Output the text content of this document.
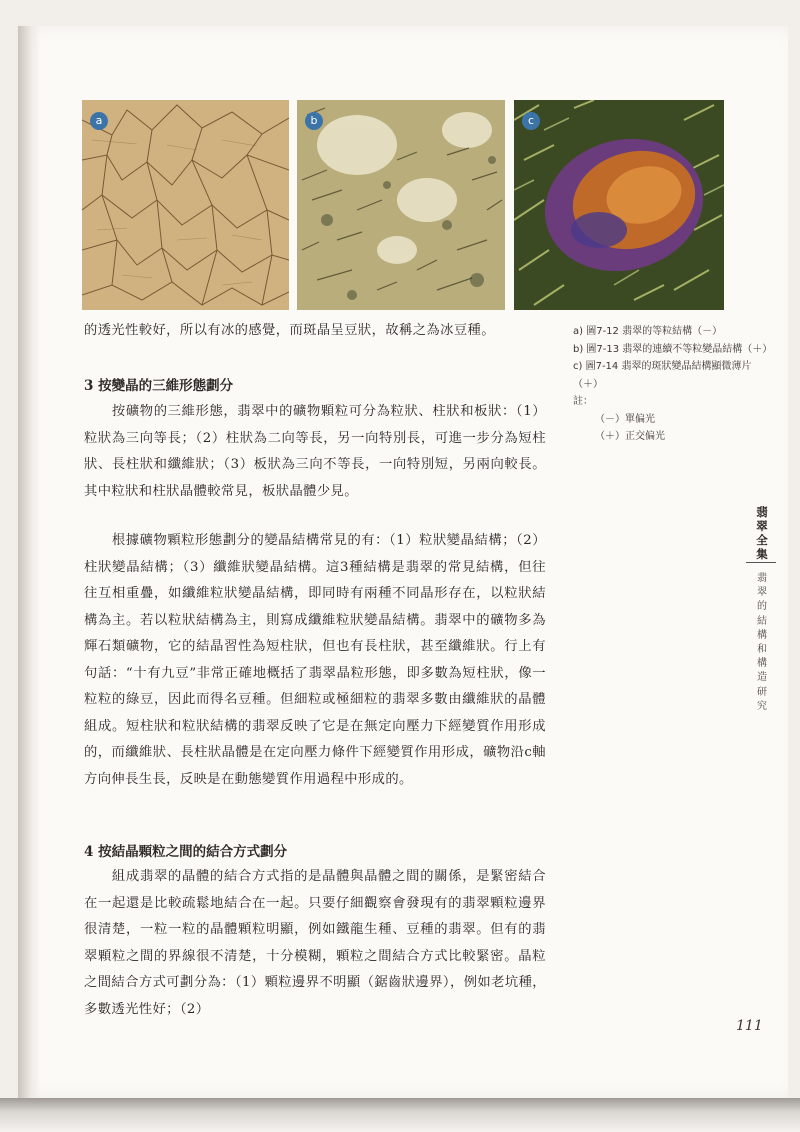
a	b	c
的透光性較好，所以有冰的感覺，而斑晶呈豆狀，故稱之為冰豆種。	a) 圖7-12 翡翠的等粒結構（－）
b) 圖7-13 翡翠的連續不等粒變晶結構（＋）
c) 圖7-14 翡翠的斑狀變晶結構顯微薄片（＋）
註：
（－）單偏光
（＋）正交偏光
3 按變晶的三維形態劃分
按礦物的三維形態，翡翠中的礦物顆粒可分為粒狀、柱狀和板狀：（1）粒狀為三向等長；（2）柱狀為二向等長，另一向特別長，可進一步分為短柱狀、長柱狀和纖維狀；（3）板狀為三向不等長，一向特別短，另兩向較長。其中粒狀和柱狀晶體較常見，板狀晶體少見。
根據礦物顆粒形態劃分的變晶結構常見的有：（1）粒狀變晶結構；（2）柱狀變晶結構；（3）纖維狀變晶結構。這3種結構是翡翠的常見結構，但往往互相重疊，如纖維粒狀變晶結構，即同時有兩種不同晶形存在，以粒狀結構為主。若以粒狀結構為主，則寫成纖維粒狀變晶結構。翡翠中的礦物多為輝石類礦物，它的結晶習性為短柱狀，但也有長柱狀，甚至纖維狀。行上有句話：“十有九豆”非常正確地概括了翡翠晶粒形態，即多數為短柱狀，像一粒粒的綠豆，因此而得名豆種。但細粒或極細粒的翡翠多數由纖維狀的晶體組成。短柱狀和粒狀結構的翡翠反映了它是在無定向壓力下經變質作用形成的，而纖維狀、長柱狀晶體是在定向壓力條件下經變質作用形成，礦物沿c軸方向伸長生長，反映是在動態變質作用過程中形成的。
4 按結晶顆粒之間的結合方式劃分
組成翡翠的晶體的結合方式指的是晶體與晶體之間的關係，是緊密結合在一起還是比較疏鬆地結合在一起。只要仔細觀察會發現有的翡翠顆粒邊界很清楚，一粒一粒的晶體顆粒明顯，例如鐵龍生種、豆種的翡翠。但有的翡翠顆粒之間的界線很不清楚，十分模糊，顆粒之間結合方式比較緊密。晶粒之間結合方式可劃分為：（1）顆粒邊界不明顯（鋸齒狀邊界），例如老坑種，多數透光性好；（2）
翡翠全集
翡翠的結構和構造研究
111
